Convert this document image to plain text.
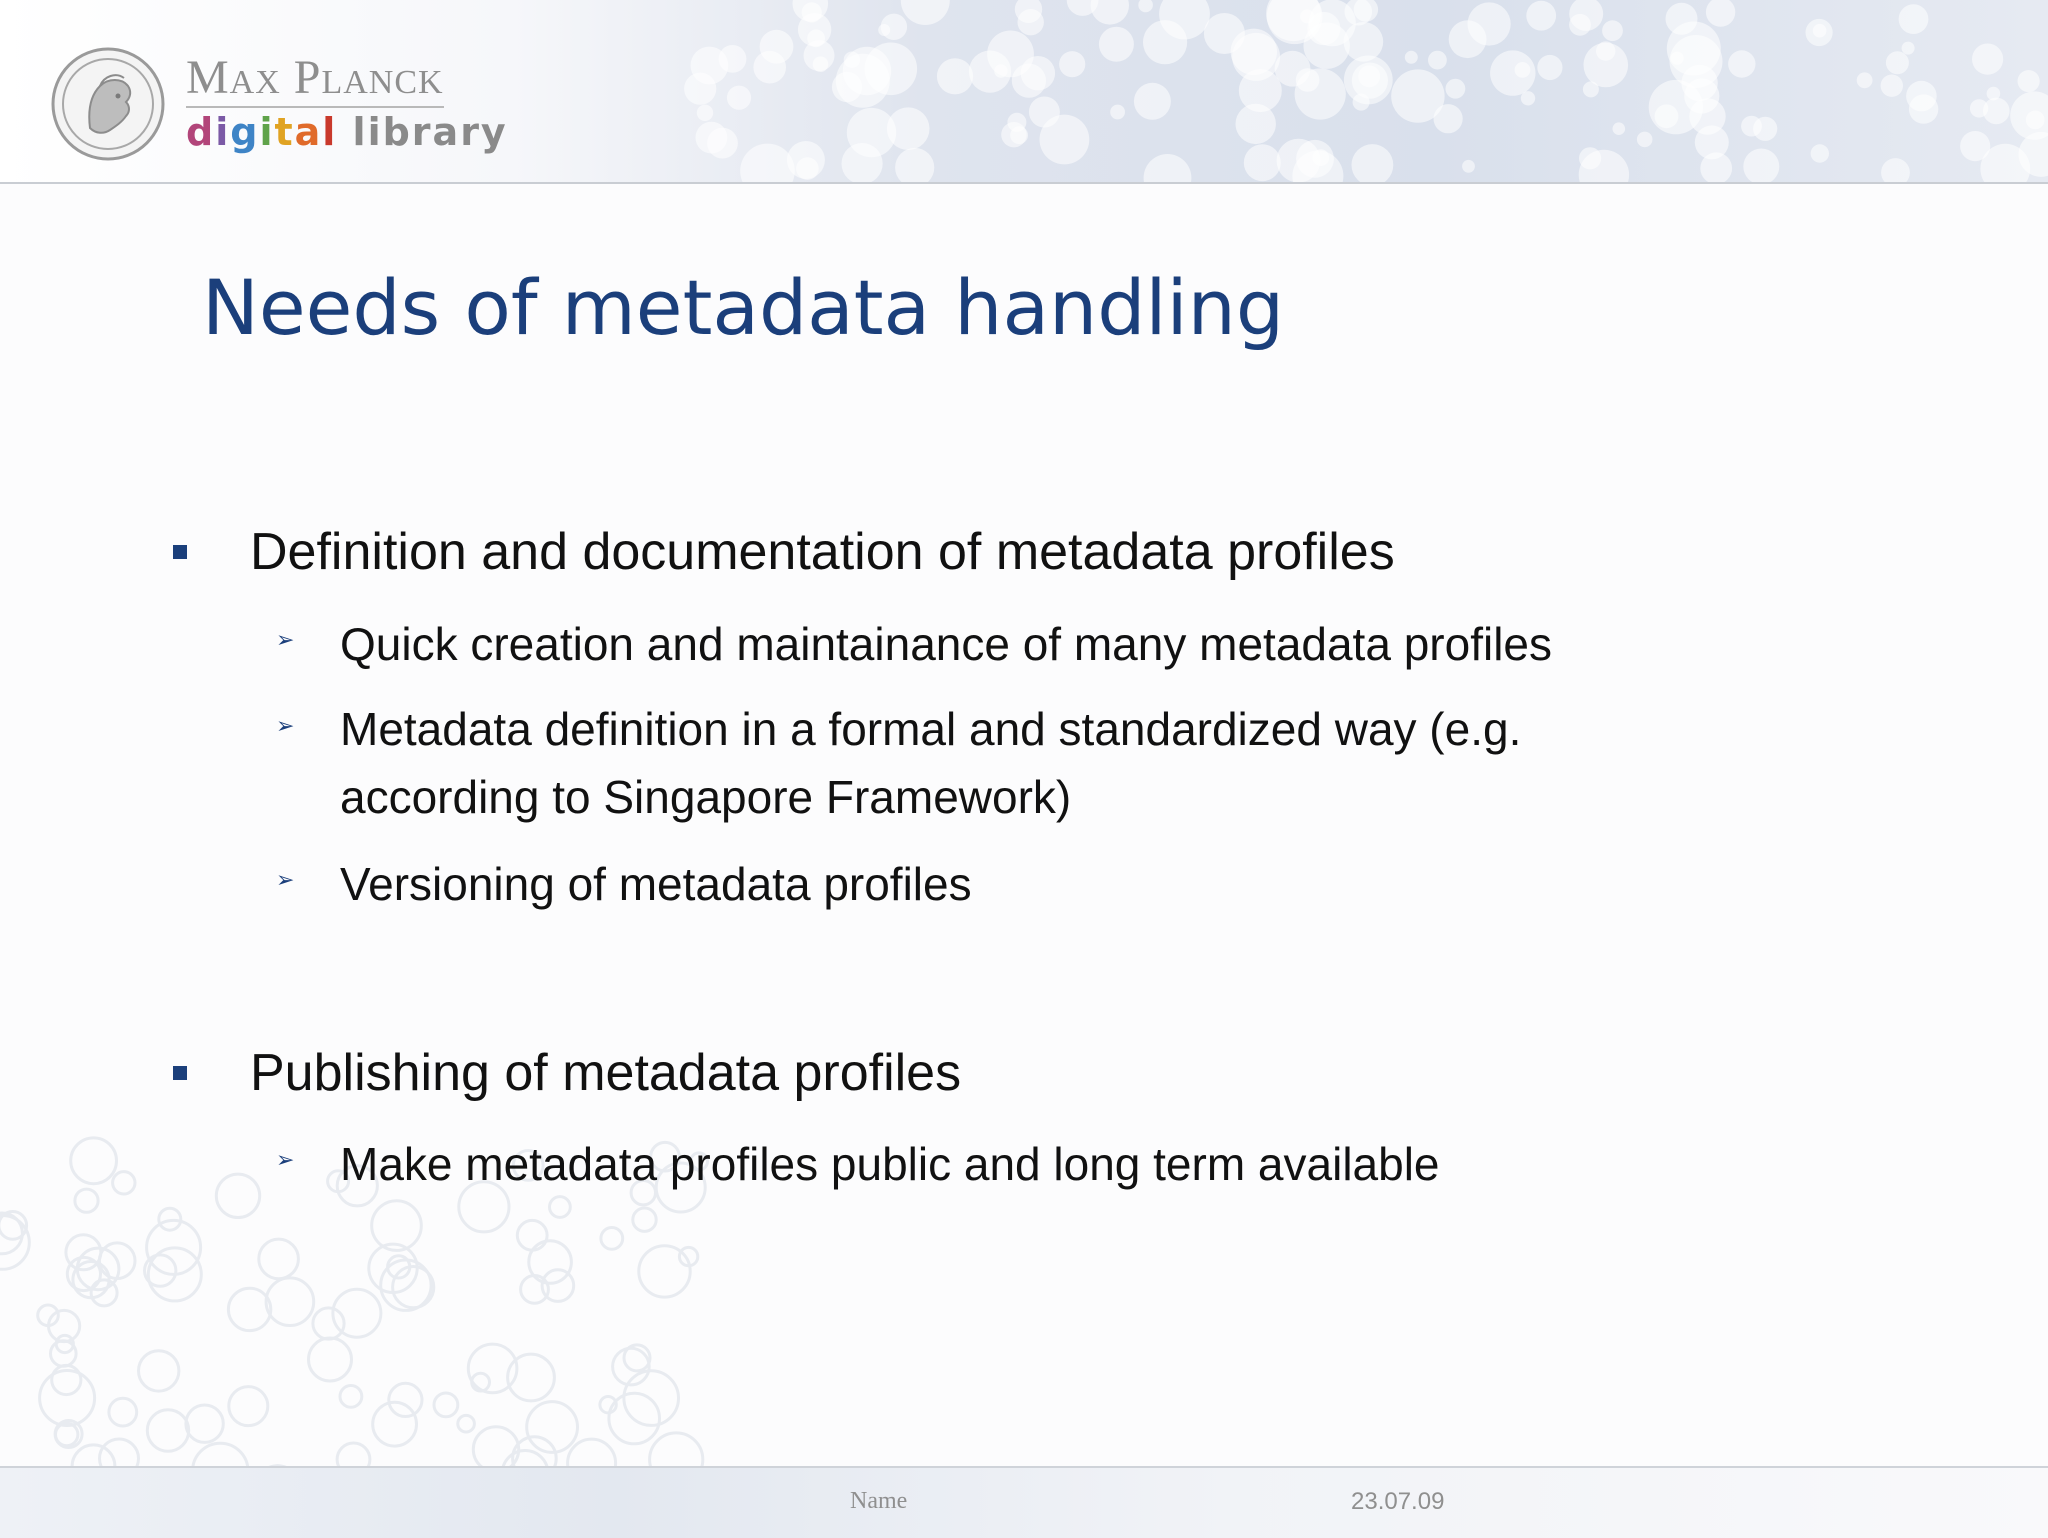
Max Planck
digital library
Needs of metadata handling
Definition and documentation of metadata profiles
➢ Quick creation and maintainance of many metadata profiles
➢ Metadata definition in a formal and standardized way (e.g.
according to Singapore Framework)
➢ Versioning of metadata profiles
Publishing of metadata profiles
➢ Make metadata profiles public and long term available
Name	23.07.09
